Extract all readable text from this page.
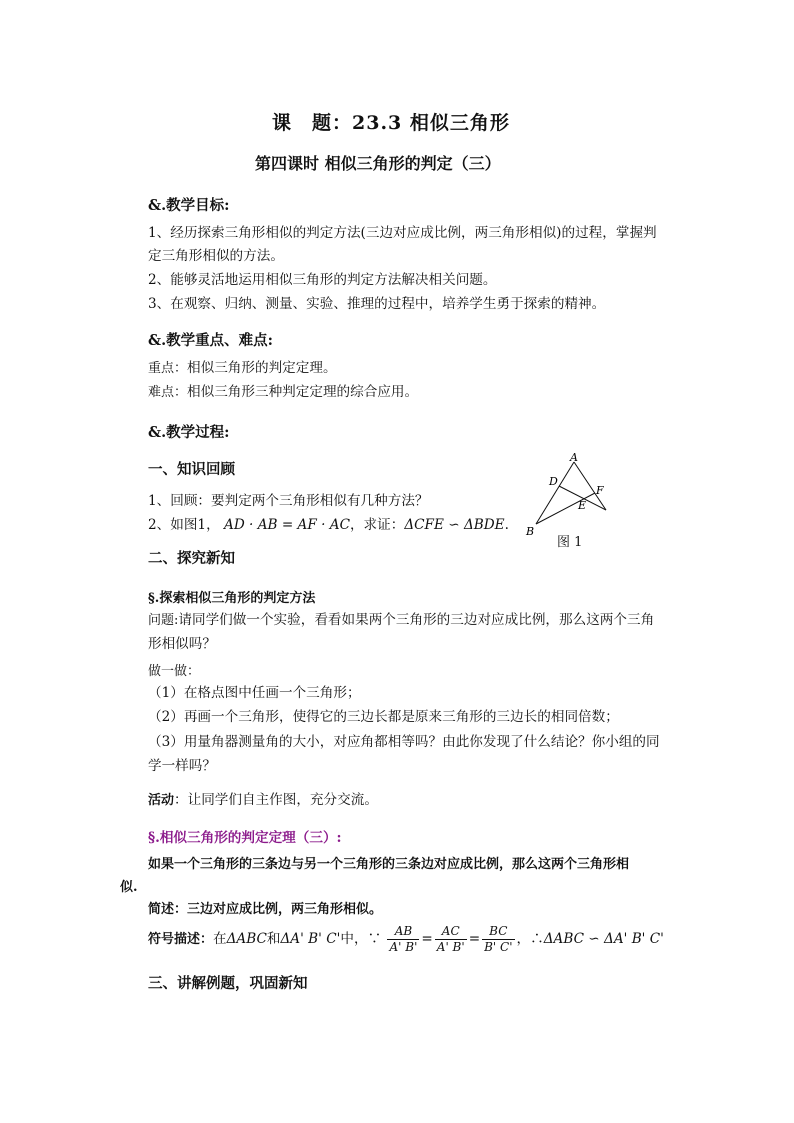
课　题：23.3 相似三角形
第四课时 相似三角形的判定（三）
&.教学目标:
1、经历探索三角形相似的判定方法(三边对应成比例，两三角形相似)的过程，掌握判
定三角形相似的方法。
2、能够灵活地运用相似三角形的判定方法解决相关问题。
3、在观察、归纳、测量、实验、推理的过程中，培养学生勇于探索的精神。
&.教学重点、难点:
重点：相似三角形的判定定理。
难点：相似三角形三种判定定理的综合应用。
&.教学过程:
一、知识回顾
1、回顾：要判定两个三角形相似有几种方法？
2、如图1， AD · AB = AF · AC，求证：ΔCFE ∽ ΔBDE.
A
D
F
E
B
图 1
二、探究新知
§.探索相似三角形的判定方法
问题:请同学们做一个实验，看看如果两个三角形的三边对应成比例，那么这两个三角
形相似吗？
做一做：
（1）在格点图中任画一个三角形；
（2）再画一个三角形，使得它的三边长都是原来三角形的三边长的相同倍数；
（3）用量角器测量角的大小，对应角都相等吗？由此你发现了什么结论？你小组的同
学一样吗？
活动：让同学们自主作图，充分交流。
§.相似三角形的判定定理（三）:
如果一个三角形的三条边与另一个三角形的三条边对应成比例，那么这两个三角形相
似.
简述：三边对应成比例，两三角形相似。
符号描述：在ΔABC和ΔA' B' C'中，∵ $\frac{AB}{A' B'} = \frac{AC}{A' B'} = \frac{BC}{B' C'}$ ，∴ΔABC ∽ ΔA' B' C'
三、讲解例题，巩固新知
